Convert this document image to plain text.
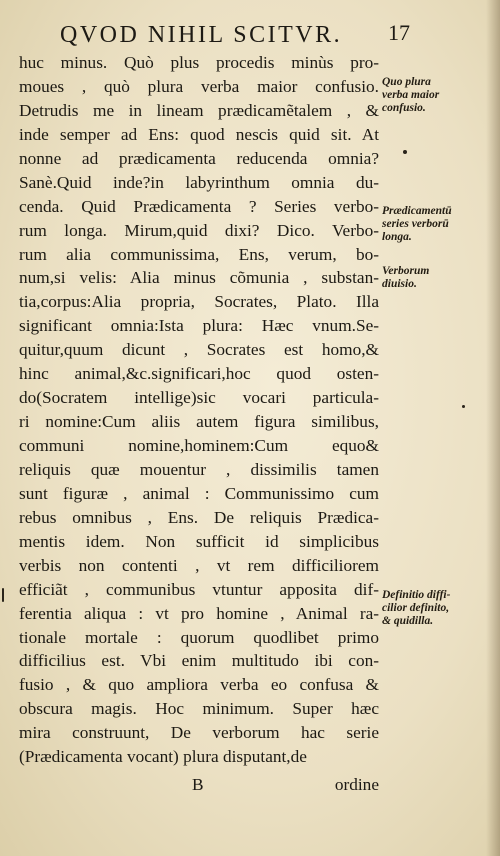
QVOD NIHIL SCITVR. 17
huc minus. Quò plus procedis minùs pro-
moues , quò plura verba maior confusio.
Detrudis me in lineam prædicamẽtalem , &
inde semper ad Ens: quod nescis quid sit. At
nonne ad prædicamenta reducenda omnia?
Sanè.Quid inde?in labyrinthum omnia du-
cenda. Quid Prædicamenta ? Series verbo-
rum longa. Mirum,quid dixi? Dico. Verbo-
rum alia communissima, Ens, verum, bo-
num,si velis: Alia minus cõmunia , substan-
tia,corpus:Alia propria, Socrates, Plato. Illa
significant omnia:Ista plura: Hæc vnum.Se-
quitur,quum dicunt , Socrates est homo,&
hinc animal,&c.significari,hoc quod osten-
do(Socratem intellige)sic vocari particula-
ri nomine:Cum aliis autem figura similibus,
communi nomine,hominem:Cum equo&
reliquis quæ mouentur , dissimilis tamen
sunt figuræ , animal : Communissimo cum
rebus omnibus , Ens. De reliquis Prædica-
mentis idem. Non sufficit id simplicibus
verbis non contenti , vt rem difficiliorem
efficiãt , communibus vtuntur apposita dif-
ferentia aliqua : vt pro homine , Animal ra-
tionale mortale : quorum quodlibet primo
difficilius est. Vbi enim multitudo ibi con-
fusio , & quo ampliora verba eo confusa &
obscura magis. Hoc minimum. Super hæc
mira construunt, De verborum hac serie
(Prædicamenta vocant) plura disputant,de
B	ordine
Quo plura
verba maior
confusio.
Prædicamentū
series verborū
longa.
Verborum
diuisio.
Definitio diffi-
cilior definito,
& quidilla.
